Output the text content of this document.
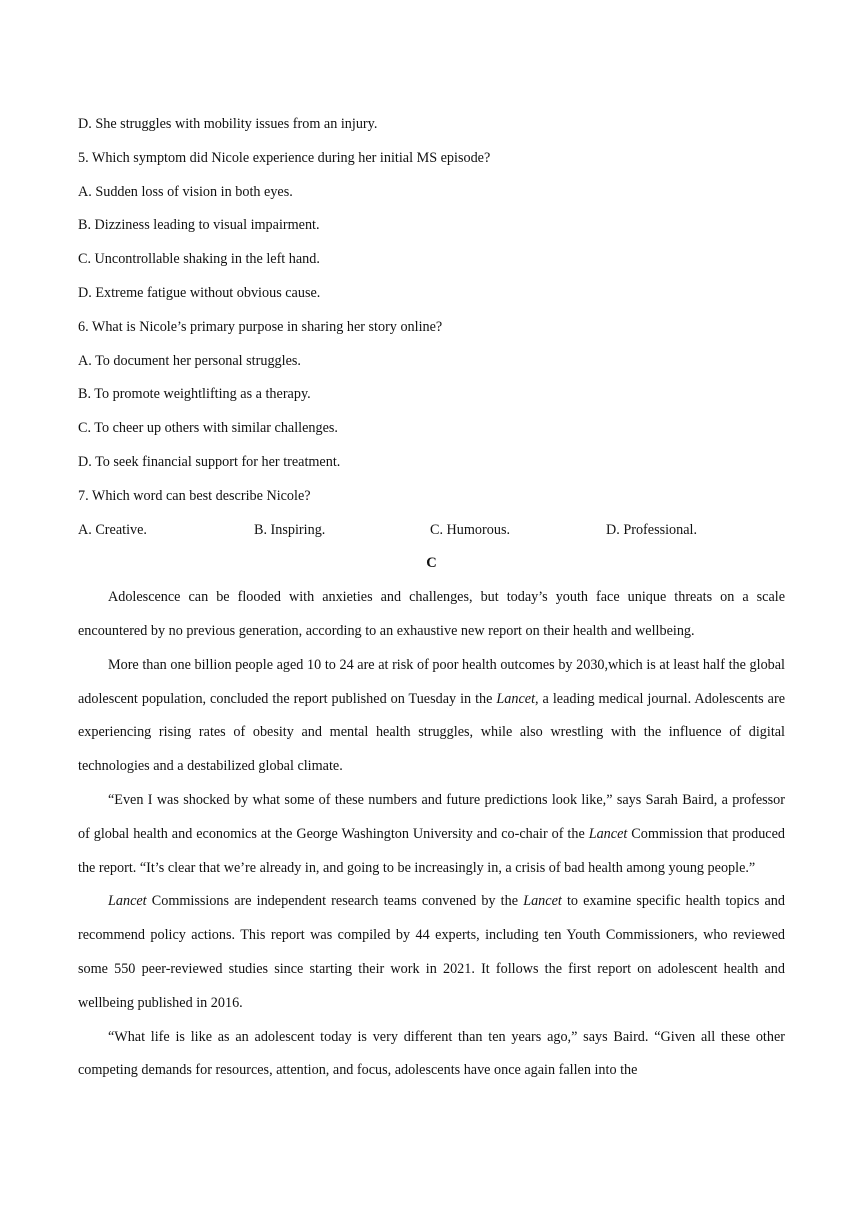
D. She struggles with mobility issues from an injury.
5. Which symptom did Nicole experience during her initial MS episode?
A. Sudden loss of vision in both eyes.
B. Dizziness leading to visual impairment.
C. Uncontrollable shaking in the left hand.
D. Extreme fatigue without obvious cause.
6. What is Nicole’s primary purpose in sharing her story online?
A. To document her personal struggles.
B. To promote weightlifting as a therapy.
C. To cheer up others with similar challenges.
D. To seek financial support for her treatment.
7. Which word can best describe Nicole?
A. Creative.	B. Inspiring.	C. Humorous.	D. Professional.
C

Adolescence can be flooded with anxieties and challenges, but today’s youth face unique threats on a scale encountered by no previous generation, according to an exhaustive new report on their health and wellbeing.

More than one billion people aged 10 to 24 are at risk of poor health outcomes by 2030,which is at least half the global adolescent population, concluded the report published on Tuesday in the Lancet, a leading medical journal. Adolescents are experiencing rising rates of obesity and mental health struggles, while also wrestling with the influence of digital technologies and a destabilized global climate.

“Even I was shocked by what some of these numbers and future predictions look like,” says Sarah Baird, a professor of global health and economics at the George Washington University and co-chair of the Lancet Commission that produced the report. “It’s clear that we’re already in, and going to be increasingly in, a crisis of bad health among young people.”

Lancet Commissions are independent research teams convened by the Lancet to examine specific health topics and recommend policy actions. This report was compiled by 44 experts, including ten Youth Commissioners, who reviewed some 550 peer-reviewed studies since starting their work in 2021. It follows the first report on adolescent health and wellbeing published in 2016.

“What life is like as an adolescent today is very different than ten years ago,” says Baird. “Given all these other competing demands for resources, attention, and focus, adolescents have once again fallen into the
